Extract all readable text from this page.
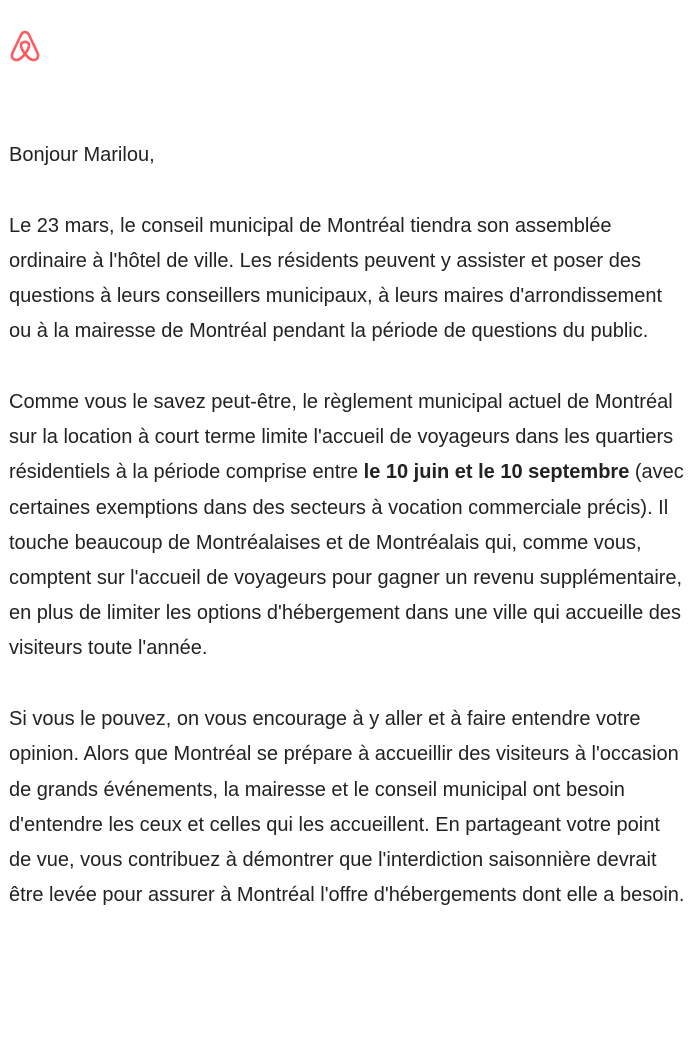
Bonjour Marilou,

Le 23 mars, le conseil municipal de Montréal tiendra son assemblée ordinaire à l'hôtel de ville. Les résidents peuvent y assister et poser des questions à leurs conseillers municipaux, à leurs maires d'arrondissement ou à la mairesse de Montréal pendant la période de questions du public.

Comme vous le savez peut-être, le règlement municipal actuel de Montréal sur la location à court terme limite l'accueil de voyageurs dans les quartiers résidentiels à la période comprise entre le 10 juin et le 10 septembre (avec certaines exemptions dans des secteurs à vocation commerciale précis). Il touche beaucoup de Montréalaises et de Montréalais qui, comme vous, comptent sur l'accueil de voyageurs pour gagner un revenu supplémentaire, en plus de limiter les options d'hébergement dans une ville qui accueille des visiteurs toute l'année.

Si vous le pouvez, on vous encourage à y aller et à faire entendre votre opinion. Alors que Montréal se prépare à accueillir des visiteurs à l'occasion de grands événements, la mairesse et le conseil municipal ont besoin d'entendre les ceux et celles qui les accueillent. En partageant votre point de vue, vous contribuez à démontrer que l'interdiction saisonnière devrait être levée pour assurer à Montréal l'offre d'hébergements dont elle a besoin.
